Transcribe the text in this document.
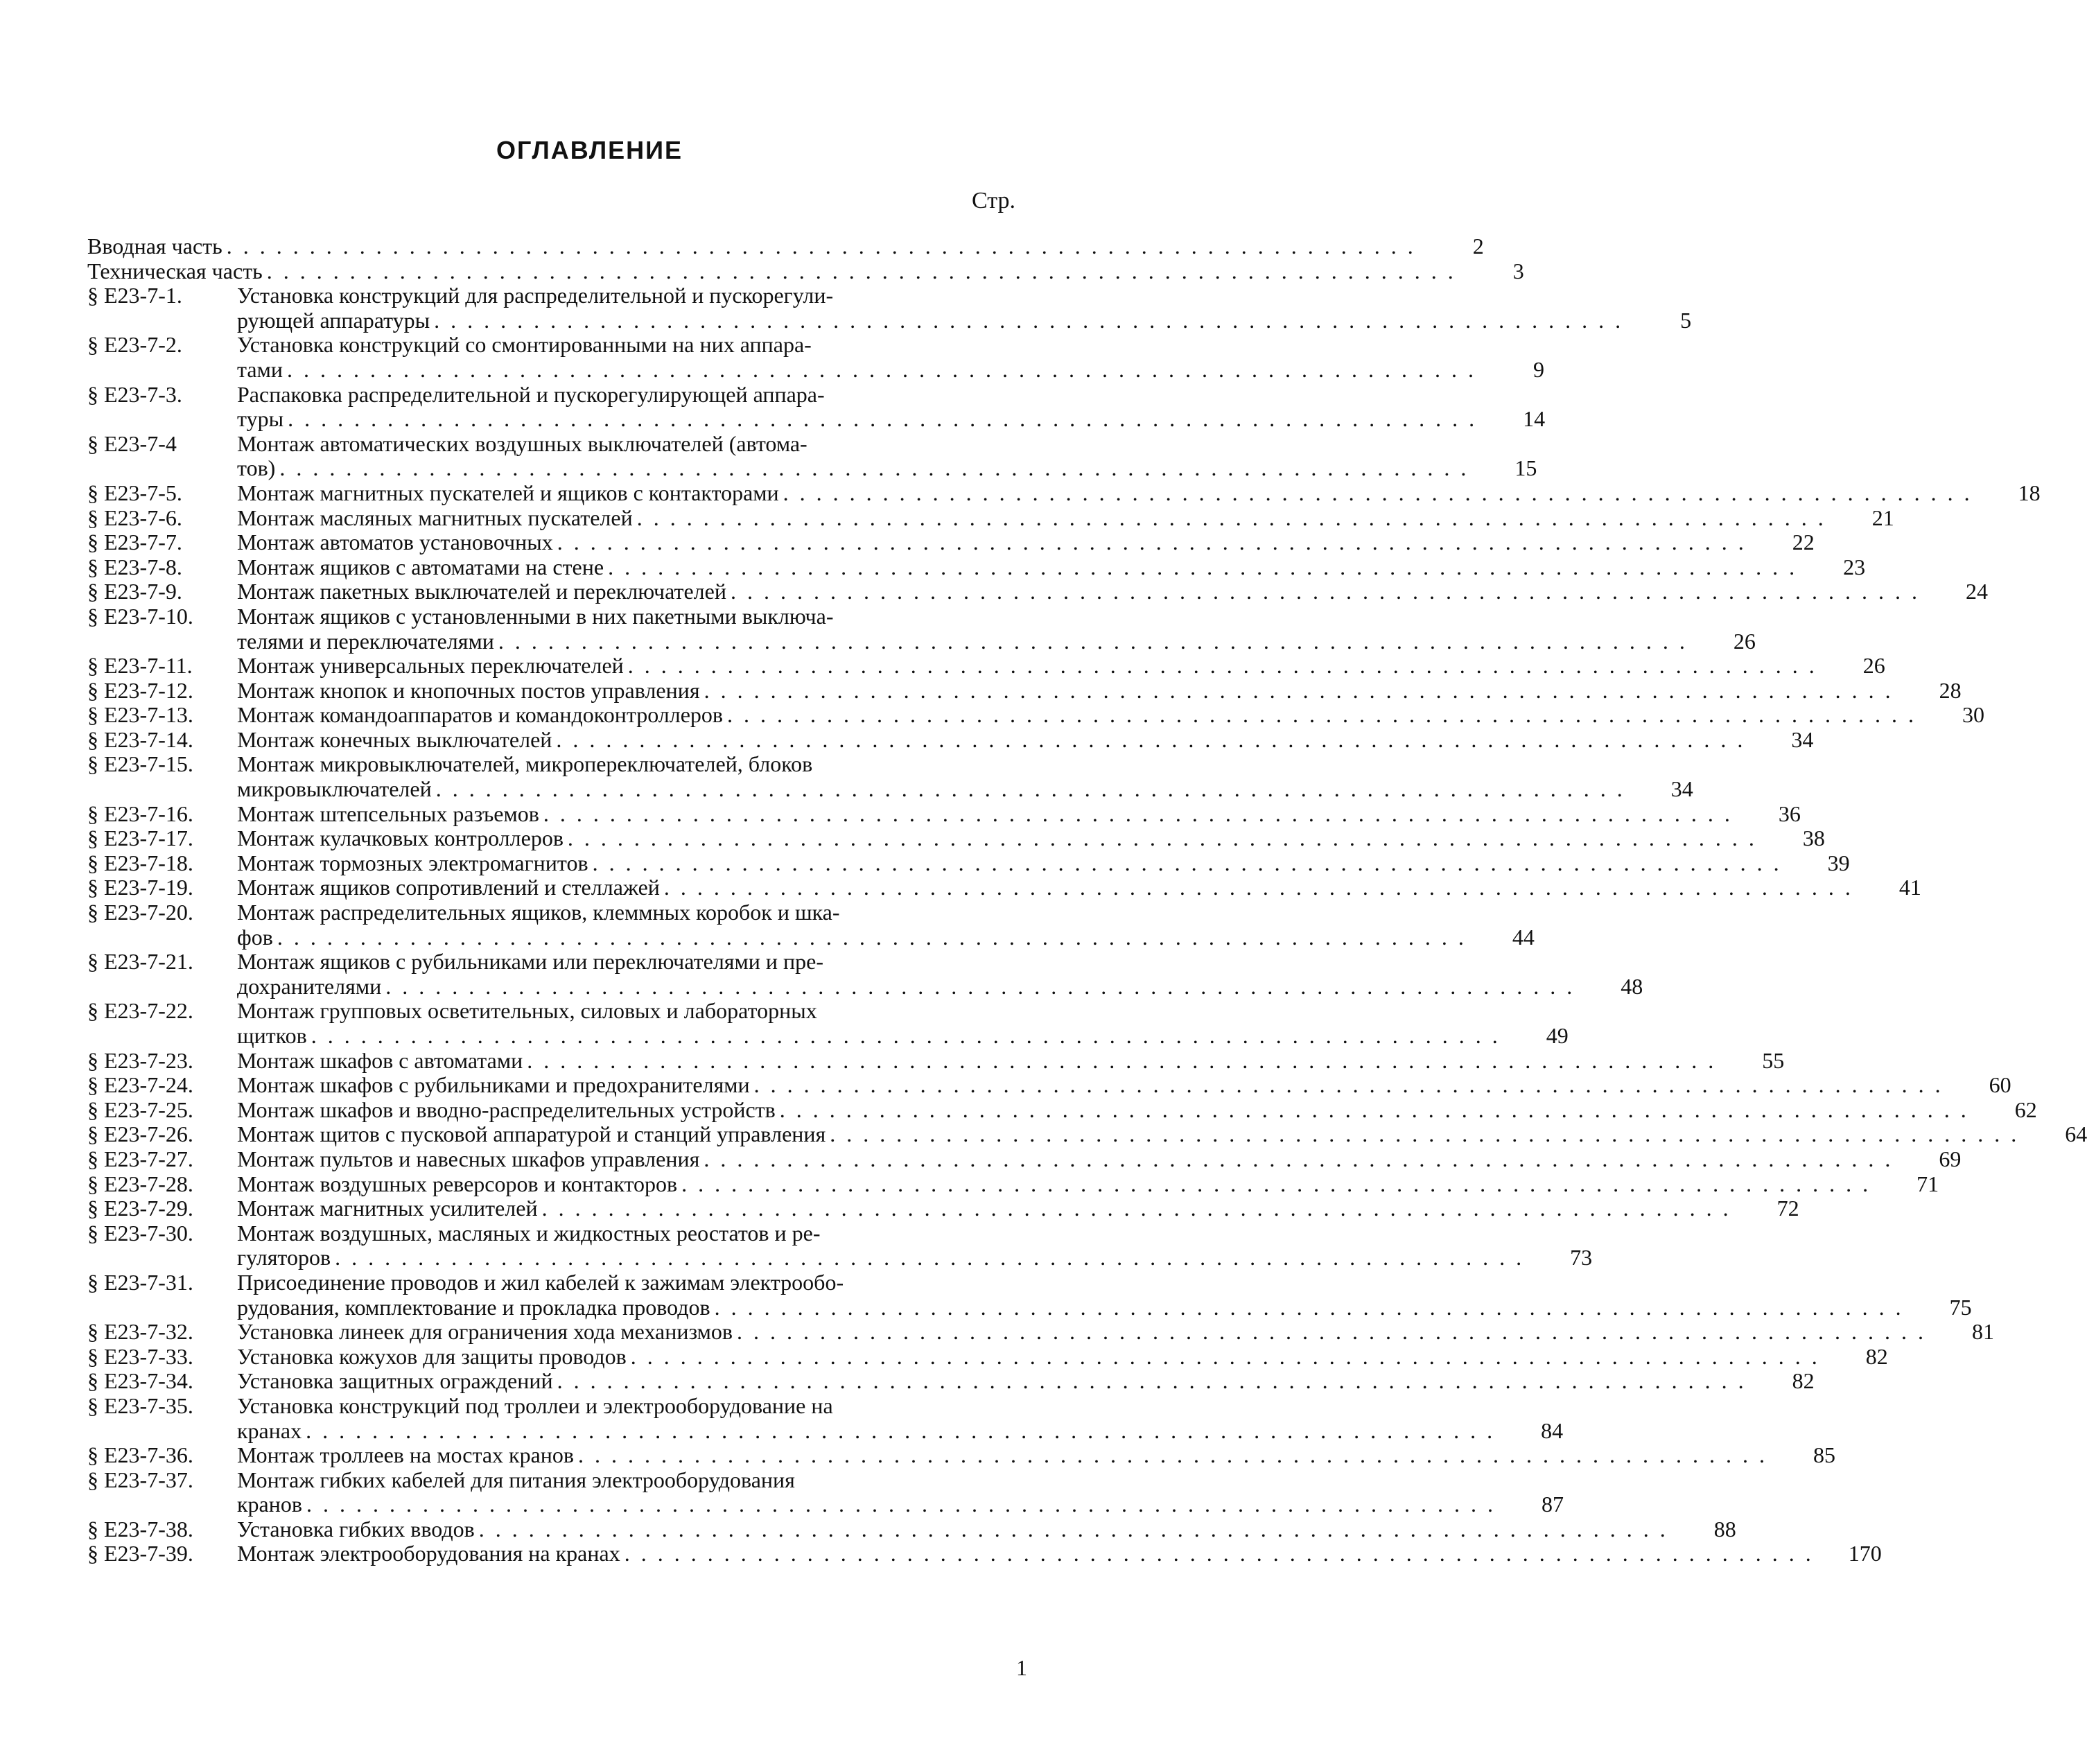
ОГЛАВЛЕНИЕ
Стр.
Вводная часть . . .	2
Техническая часть . . .	3
§ Е23-7-1.	Установка конструкций для распределительной и пускорегули-
рующей аппаратуры . . .	5
§ Е23-7-2.	Установка конструкций со смонтированными на них аппара-
тами . . .	9
§ Е23-7-3.	Распаковка распределительной и пускорегулирующей аппара-
туры . . .	14
§ Е23-7-4	Монтаж автоматических воздушных выключателей (автома-
тов) . . .	15
§ Е23-7-5.	Монтаж магнитных пускателей и ящиков с контакторами . . .	18
§ Е23-7-6.	Монтаж масляных магнитных пускателей . . .	21
§ Е23-7-7.	Монтаж автоматов установочных . . .	22
§ Е23-7-8.	Монтаж ящиков с автоматами на стене . . .	23
§ Е23-7-9.	Монтаж пакетных выключателей и переключателей . . .	24
§ Е23-7-10.	Монтаж ящиков с установленными в них пакетными выключа-
телями и переключателями . . .	26
§ Е23-7-11.	Монтаж универсальных переключателей . . .	26
§ Е23-7-12.	Монтаж кнопок и кнопочных постов управления . . .	28
§ Е23-7-13.	Монтаж командоаппаратов и командоконтроллеров . . .	30
§ Е23-7-14.	Монтаж конечных выключателей . . .	34
§ Е23-7-15.	Монтаж микровыключателей, микропереключателей, блоков
микровыключателей . . .	34
§ Е23-7-16.	Монтаж штепсельных разъемов . . .	36
§ Е23-7-17.	Монтаж кулачковых контроллеров . . .	38
§ Е23-7-18.	Монтаж тормозных электромагнитов . . .	39
§ Е23-7-19.	Монтаж ящиков сопротивлений и стеллажей . . .	41
§ Е23-7-20.	Монтаж распределительных ящиков, клеммных коробок и шка-
фов . . .	44
§ Е23-7-21.	Монтаж ящиков с рубильниками или переключателями и пре-
дохранителями . . .	48
§ Е23-7-22.	Монтаж групповых осветительных, силовых и лабораторных
щитков . . .	49
§ Е23-7-23.	Монтаж шкафов с автоматами . . .	55
§ Е23-7-24.	Монтаж шкафов с рубильниками и предохранителями . . .	60
§ Е23-7-25.	Монтаж шкафов и вводно-распределительных устройств . . .	62
§ Е23-7-26.	Монтаж щитов с пусковой аппаратурой и станций управления . . .	64
§ Е23-7-27.	Монтаж пультов и навесных шкафов управления . . .	69
§ Е23-7-28.	Монтаж воздушных реверсоров и контакторов . . .	71
§ Е23-7-29.	Монтаж магнитных усилителей . . .	72
§ Е23-7-30.	Монтаж воздушных, масляных и жидкостных реостатов и ре-
гуляторов . . .	73
§ Е23-7-31.	Присоединение проводов и жил кабелей к зажимам электрообо-
рудования, комплектование и прокладка проводов . . .	75
§ Е23-7-32.	Установка линеек для ограничения хода механизмов . . .	81
§ Е23-7-33.	Установка кожухов для защиты проводов . . .	82
§ Е23-7-34.	Установка защитных ограждений . . .	82
§ Е23-7-35.	Установка конструкций под троллеи и электрооборудование на
кранах . . .	84
§ Е23-7-36.	Монтаж троллеев на мостах кранов . . .	85
§ Е23-7-37.	Монтаж гибких кабелей для питания электрооборудования
кранов . . .	87
§ Е23-7-38.	Установка гибких вводов . . .	88
§ Е23-7-39.	Монтаж электрооборудования на кранах . . .	170
1
